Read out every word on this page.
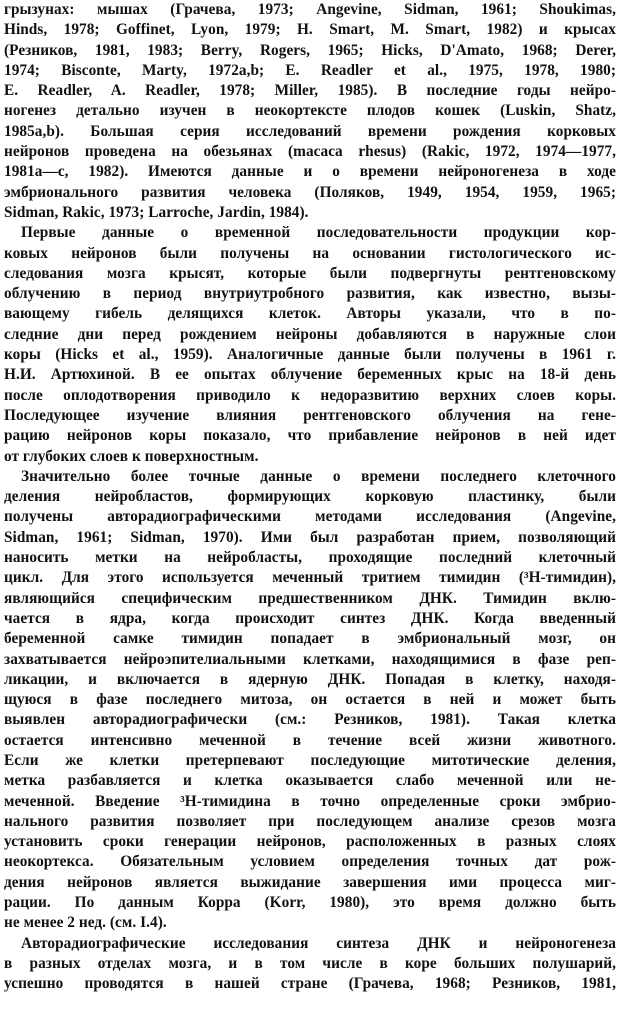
грызунах: мышах (Грачева, 1973; Angevine, Sidman, 1961; Shoukimas,
Hinds, 1978; Goffinet, Lyon, 1979; H. Smart, M. Smart, 1982) и крысах
(Резников, 1981, 1983; Berry, Rogers, 1965; Hicks, D'Amato, 1968; Derer,
1974; Bisconte, Marty, 1972a,b; E. Readler et al., 1975, 1978, 1980;
E. Readler, A. Readler, 1978; Miller, 1985). В последние годы нейро-
ногенез детально изучен в неокортексте плодов кошек (Luskin, Shatz,
1985a,b). Большая серия исследований времени рождения корковых
нейронов проведена на обезьянах (macaca rhesus) (Rakic, 1972, 1974—1977,
1981a—c, 1982). Имеются данные и о времени нейроногенеза в ходе
эмбрионального развития человека (Поляков, 1949, 1954, 1959, 1965;
Sidman, Rakic, 1973; Larroche, Jardin, 1984).
Первые данные о временной последовательности продукции кор-
ковых нейронов были получены на основании гистологического ис-
следования мозга крысят, которые были подвергнуты рентгеновскому
облучению в период внутриутробного развития, как известно, вызы-
вающему гибель делящихся клеток. Авторы указали, что в по-
следние дни перед рождением нейроны добавляются в наружные слои
коры (Hicks et al., 1959). Аналогичные данные были получены в 1961 г.
Н.И. Артюхиной. В ее опытах облучение беременных крыс на 18-й день
после оплодотворения приводило к недоразвитию верхних слоев коры.
Последующее изучение влияния рентгеновского облучения на гене-
рацию нейронов коры показало, что прибавление нейронов в ней идет
от глубоких слоев к поверхностным.
Значительно более точные данные о времени последнего клеточного
деления нейробластов, формирующих корковую пластинку, были
получены авторадиографическими методами исследования (Angevine,
Sidman, 1961; Sidman, 1970). Ими был разработан прием, позволяющий
наносить метки на нейробласты, проходящие последний клеточный
цикл. Для этого используется меченный тритием тимидин (³H-тимидин),
являющийся специфическим предшественником ДНК. Тимидин вклю-
чается в ядра, когда происходит синтез ДНК. Когда введенный
беременной самке тимидин попадает в эмбриональный мозг, он
захватывается нейроэпителиальными клетками, находящимися в фазе реп-
ликации, и включается в ядерную ДНК. Попадая в клетку, находя-
щуюся в фазе последнего митоза, он остается в ней и может быть
выявлен авторадиографически (см.: Резников, 1981). Такая клетка
остается интенсивно меченной в течение всей жизни животного.
Если же клетки претерпевают последующие митотические деления,
метка разбавляется и клетка оказывается слабо меченной или не-
меченной. Введение ³H-тимидина в точно определенные сроки эмбрио-
нального развития позволяет при последующем анализе срезов мозга
установить сроки генерации нейронов, расположенных в разных слоях
неокортекса. Обязательным условием определения точных дат рож-
дения нейронов является выжидание завершения ими процесса миг-
рации. По данным Корра (Korr, 1980), это время должно быть
не менее 2 нед. (см. I.4).
Авторадиографические исследования синтеза ДНК и нейроногенеза
в разных отделах мозга, и в том числе в коре больших полушарий,
успешно проводятся в нашей стране (Грачева, 1968; Резников, 1981,
